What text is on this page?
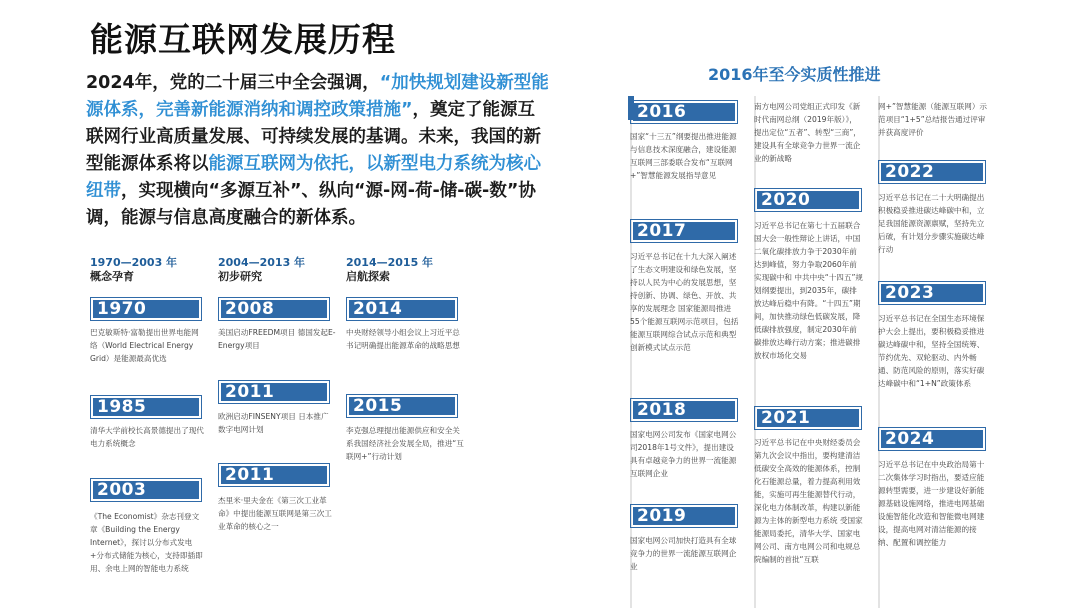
能源互联网发展历程
2024年，党的二十届三中全会强调，“加快规划建设新型能源体系，完善新能源消纳和调控政策措施”，奠定了能源互联网行业高质量发展、可持续发展的基调。未来，我国的新型能源体系将以能源互联网为依托，以新型电力系统为核心纽带，实现横向“多源互补”、纵向“源-网-荷-储-碳-数”协调，能源与信息高度融合的新体系。
2016年至今实质性推进
1970—2003 年
概念孕育
2004—2013 年
初步研究
2014—2015 年
启航探索
1970
巴克敏斯特·富勒提出世界电能网络（World Electrical Energy Grid）是能源最高优选
1985
清华大学前校长高景德提出了现代电力系统概念
2003
《The Economist》杂志刊登文章《Building the Energy Internet》，探讨以分布式发电+分布式储能为核心，支持即插即用、余电上网的智能电力系统
2008
美国启动FREEDM项目 德国发起E-Energy项目
2011
欧洲启动FINSENY项目 日本推广数字电网计划
2011
杰里米·里夫金在《第三次工业革命》中提出能源互联网是第三次工业革命的核心之一
2014
中央财经领导小组会议上习近平总书记明确提出能源革命的战略思想
2015
李克强总理提出能源供应和安全关系我国经济社会发展全局，推进“互联网+”行动计划
2016
国家“十三五”纲要提出推进能源与信息技术深度融合，建设能源互联网三部委联合发布“互联网+”智慧能源发展指导意见
2017
习近平总书记在十九大深入阐述了生态文明建设和绿色发展，坚持以人民为中心的发展思想，坚持创新、协调、绿色、开放、共享的发展理念 国家能源局推进55个能源互联网示范项目，包括能源互联网综合试点示范和典型创新模式试点示范
2018
国家电网公司发布《国家电网公司2018年1号文件》，提出建设具有卓越竞争力的世界一流能源互联网企业
2019
国家电网公司加快打造具有全球竞争力的世界一流能源互联网企业
南方电网公司党组正式印发《新时代南网总纲（2019年版）》，提出定位“五者”、转型“三商”，建设具有全球竞争力世界一流企业的新战略
2020
习近平总书记在第七十五届联合国大会一般性辩论上讲话，中国二氧化碳排放力争于2030年前达到峰值，努力争取2060年前实现碳中和 中共中央“十四五”规划纲要提出，到2035年，碳排放达峰后稳中有降。“十四五”期间，加快推动绿色低碳发展，降低碳排放强度，制定2030年前碳排放达峰行动方案；推进碳排放权市场化交易
2021
习近平总书记在中央财经委员会第九次会议中指出，要构建清洁低碳安全高效的能源体系，控制化石能源总量，着力提高利用效能，实施可再生能源替代行动，深化电力体制改革，构建以新能源为主体的新型电力系统 受国家能源局委托，清华大学、国家电网公司、南方电网公司和电规总院编制的首批“互联
网+”智慧能源（能源互联网）示范项目“1+5”总结报告通过评审并获高度评价
2022
习近平总书记在二十大明确提出积极稳妥推进碳达峰碳中和，立足我国能源资源禀赋，坚持先立后破，有计划分步骤实施碳达峰行动
2023
习近平总书记在全国生态环境保护大会上提出，要积极稳妥推进碳达峰碳中和，坚持全国统筹、节约优先、双轮驱动、内外畅通、防范风险的原则，落实好碳达峰碳中和“1+N”政策体系
2024
习近平总书记在中央政治局第十二次集体学习时指出，要适应能源转型需要，进一步建设好新能源基础设施网络，推进电网基础设施智能化改造和智能微电网建设，提高电网对清洁能源的接纳、配置和调控能力
